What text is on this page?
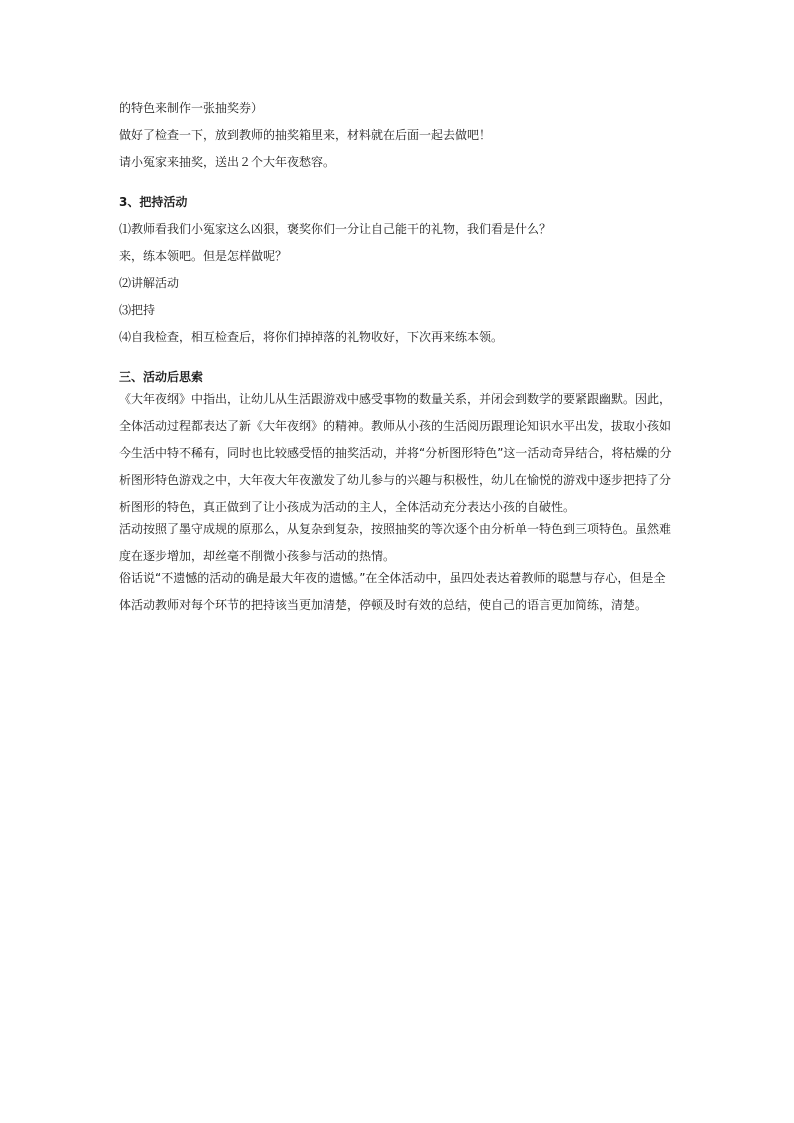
的特色来制作一张抽奖券）

做好了检查一下，放到教师的抽奖箱里来，材料就在后面一起去做吧！

请小冤家来抽奖，送出２个大年夜愁容。

3、把持活动

⑴教师看我们小冤家这么凶狠，褒奖你们一分让自己能干的礼物，我们看是什么？

来，练本领吧。但是怎样做呢？

⑵讲解活动

⑶把持

⑷自我检查，相互检查后，将你们掉掉落的礼物收好，下次再来练本领。

三、活动后思索

《大年夜纲》中指出，让幼儿从生活跟游戏中感受事物的数量关系，并闭会到数学的要紧跟幽默。因此，

全体活动过程都表达了新《大年夜纲》的精神。教师从小孩的生活阅历跟理论知识水平出发，拔取小孩如

今生活中特不稀有，同时也比较感受悟的抽奖活动，并将“分析图形特色”这一活动奇异结合，将枯燥的分

析图形特色游戏之中，大年夜大年夜激发了幼儿参与的兴趣与积极性，幼儿在愉悦的游戏中逐步把持了分

析图形的特色，真正做到了让小孩成为活动的主人，全体活动充分表达小孩的自破性。

活动按照了墨守成规的原那么，从复杂到复杂，按照抽奖的等次逐个由分析单一特色到三项特色。虽然难

度在逐步增加，却丝毫不削微小孩参与活动的热情。

俗话说“不遗憾的活动的确是最大年夜的遗憾。”在全体活动中，虽四处表达着教师的聪慧与存心，但是全

体活动教师对每个环节的把持该当更加清楚，停顿及时有效的总结，使自己的语言更加简练，清楚。
